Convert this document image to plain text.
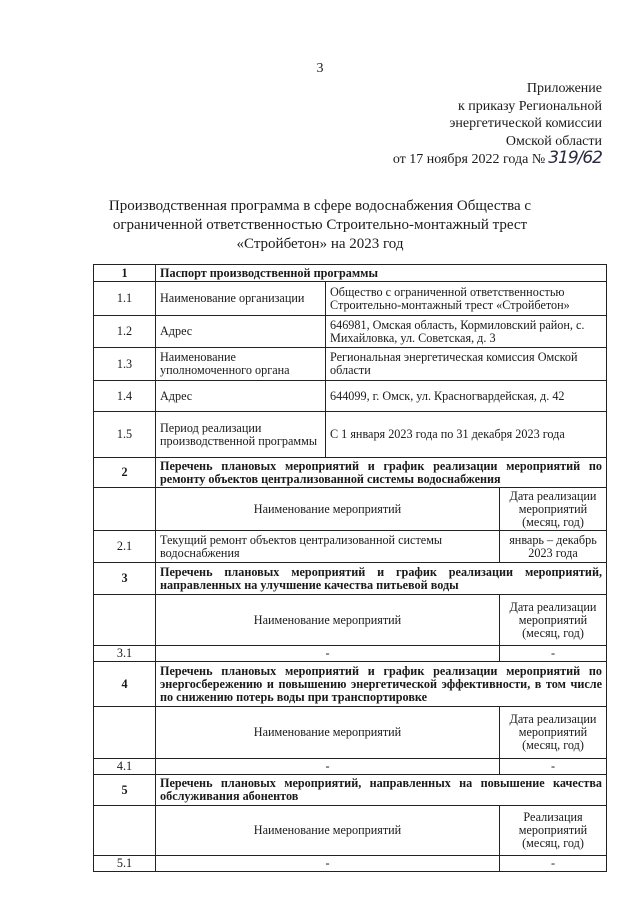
3
Приложение
к приказу Региональной
энергетической комиссии
Омской области
от 17 ноября 2022 года № 319/62
Производственная программа в сфере водоснабжения Общества с ограниченной ответственностью Строительно-монтажный трест «Стройбетон» на 2023 год
1	Паспорт производственной программы		
1.1	Наименование организации	Общество с ограниченной ответственностью Строительно-монтажный трест «Стройбетон»	
1.2	Адрес	646981, Омская область, Кормиловский район, с. Михайловка, ул. Советская, д. 3	
1.3	Наименование уполномоченного органа	Региональная энергетическая комиссия Омской области	
1.4	Адрес	644099, г. Омск, ул. Красногвардейская, д. 42	
1.5	Период реализации производственной программы	С 1 января 2023 года по 31 декабря 2023 года	
2	Перечень плановых мероприятий и график реализации мероприятий по ремонту объектов централизованной системы водоснабжения		
	Наименование мероприятий		Дата реализации мероприятий (месяц, год)
2.1	Текущий ремонт объектов централизованной системы водоснабжения		январь – декабрь 2023 года
3	Перечень плановых мероприятий и график реализации мероприятий, направленных на улучшение качества питьевой воды		
	Наименование мероприятий		Дата реализации мероприятий (месяц, год)
3.1	-		-
4	Перечень плановых мероприятий и график реализации мероприятий по энергосбережению и повышению энергетической эффективности, в том числе по снижению потерь воды при транспортировке		
	Наименование мероприятий		Дата реализации мероприятий (месяц, год)
4.1	-		-
5	Перечень плановых мероприятий, направленных на повышение качества обслуживания абонентов		
	Наименование мероприятий		Реализация мероприятий (месяц, год)
5.1	-		-
